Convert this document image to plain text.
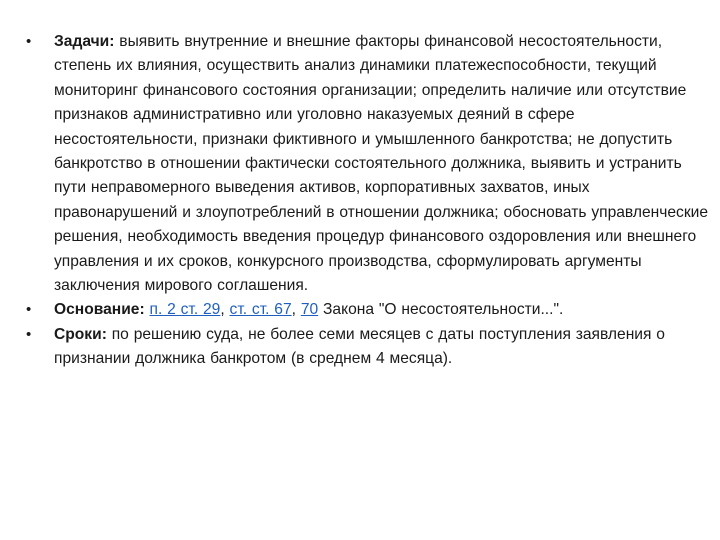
•	Задачи: выявить внутренние и внешние факторы финансовой несостоятельности, степень их влияния, осуществить анализ динамики платежеспособности, текущий мониторинг финансового состояния организации; определить наличие или отсутствие признаков административно или уголовно наказуемых деяний в сфере несостоятельности, признаки фиктивного и умышленного банкротства; не допустить банкротство в отношении фактически состоятельного должника, выявить и устранить пути неправомерного выведения активов, корпоративных захватов, иных правонарушений и злоупотреблений в отношении должника; обосновать управленческие решения, необходимость введения процедур финансового оздоровления или внешнего управления и их сроков, конкурсного производства, сформулировать аргументы заключения мирового соглашения.
•	Основание: п. 2 ст. 29, ст. ст. 67, 70 Закона "О несостоятельности...".
•	Сроки: по решению суда, не более семи месяцев с даты поступления заявления о признании должника банкротом (в среднем 4 месяца).
